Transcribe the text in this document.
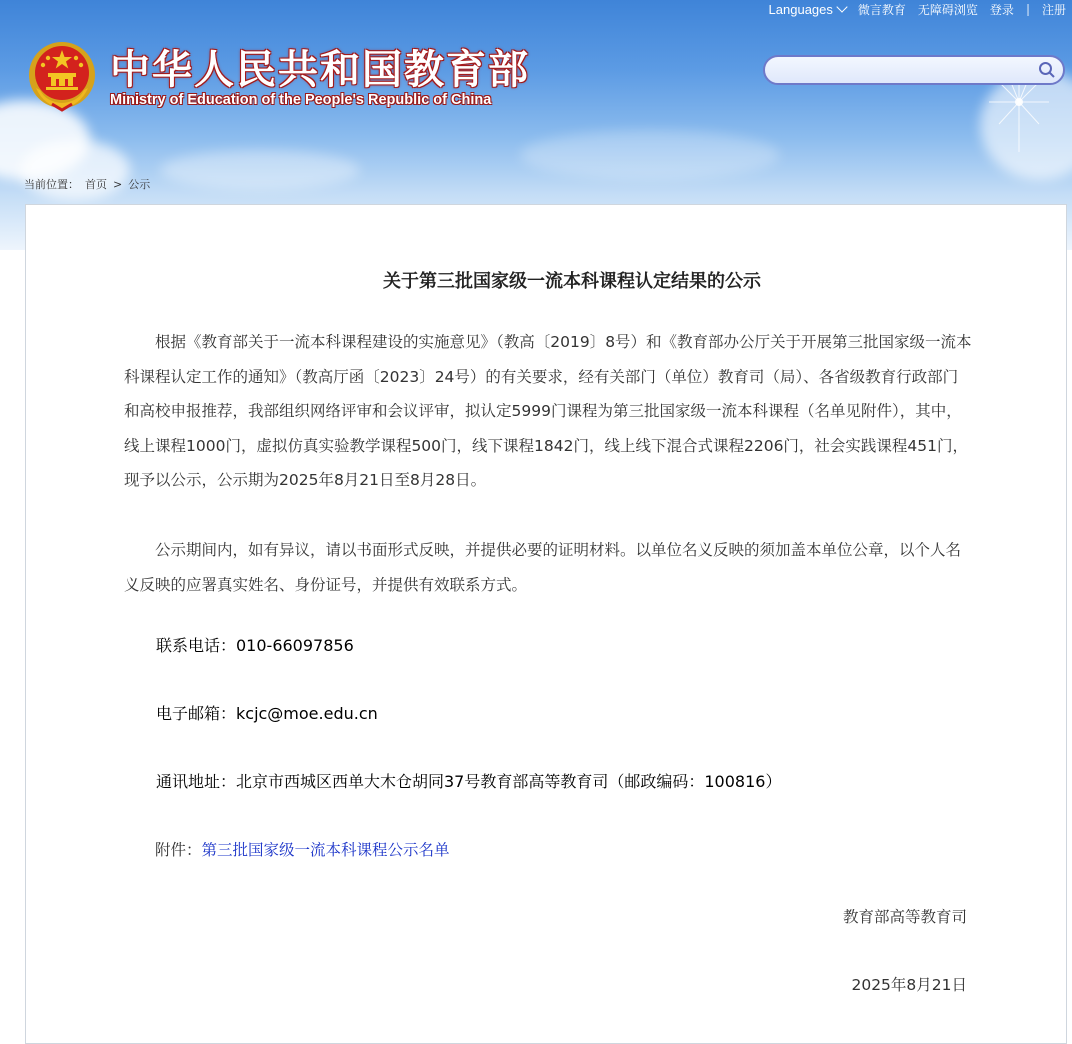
Languages	微言教育 无障碍浏览 登录 | 注册
中华人民共和国教育部
Ministry of Education of the People's Republic of China
当前位置： 首页 > 公示
关于第三批国家级一流本科课程认定结果的公示

根据《教育部关于一流本科课程建设的实施意见》（教高〔2019〕8号）和《教育部办公厅关于开展第三批国家级一流本科课程认定工作的通知》（教高厅函〔2023〕24号）的有关要求，经有关部门（单位）教育司（局）、各省级教育行政部门和高校申报推荐，我部组织网络评审和会议评审，拟认定5999门课程为第三批国家级一流本科课程（名单见附件），其中，线上课程1000门，虚拟仿真实验教学课程500门，线下课程1842门，线上线下混合式课程2206门，社会实践课程451门，现予以公示，公示期为2025年8月21日至8月28日。

公示期间内，如有异议，请以书面形式反映，并提供必要的证明材料。以单位名义反映的须加盖本单位公章，以个人名义反映的应署真实姓名、身份证号，并提供有效联系方式。

联系电话：010-66097856

电子邮箱：kcjc@moe.edu.cn

通讯地址：北京市西城区西单大木仓胡同37号教育部高等教育司（邮政编码：100816）

附件：第三批国家级一流本科课程公示名单

教育部高等教育司
2025年8月21日
